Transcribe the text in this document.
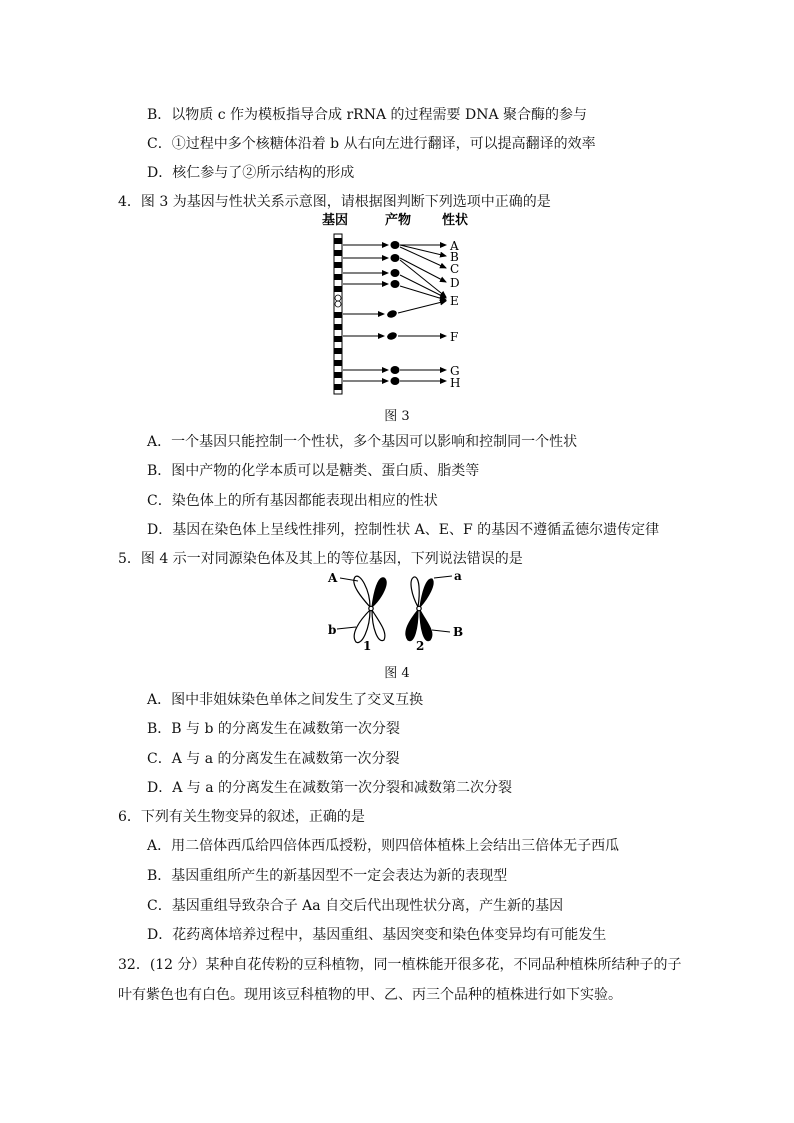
B．以物质 c 作为模板指导合成 rRNA 的过程需要 DNA 聚合酶的参与
C．①过程中多个核糖体沿着 b 从右向左进行翻译，可以提高翻译的效率
D．核仁参与了②所示结构的形成
4．图 3 为基因与性状关系示意图，请根据图判断下列选项中正确的是
基因	产物 性状
A
B
C
D
E
F
G
H
图 3
A．一个基因只能控制一个性状，多个基因可以影响和控制同一个性状
B．图中产物的化学本质可以是糖类、蛋白质、脂类等
C．染色体上的所有基因都能表现出相应的性状
D．基因在染色体上呈线性排列，控制性状 A、E、F 的基因不遵循孟德尔遗传定律
5．图 4 示一对同源染色体及其上的等位基因，下列说法错误的是
A
b
a
B
1	2
图 4
A．图中非姐妹染色单体之间发生了交叉互换
B．B 与 b 的分离发生在减数第一次分裂
C．A 与 a 的分离发生在减数第一次分裂
D．A 与 a 的分离发生在减数第一次分裂和减数第二次分裂
6．下列有关生物变异的叙述，正确的是
A．用二倍体西瓜给四倍体西瓜授粉，则四倍体植株上会结出三倍体无子西瓜
B．基因重组所产生的新基因型不一定会表达为新的表现型
C．基因重组导致杂合子 Aa 自交后代出现性状分离，产生新的基因
D．花药离体培养过程中，基因重组、基因突变和染色体变异均有可能发生
32．(12 分）某种自花传粉的豆科植物，同一植株能开很多花，不同品种植株所结种子的子
叶有紫色也有白色。现用该豆科植物的甲、乙、丙三个品种的植株进行如下实验。
